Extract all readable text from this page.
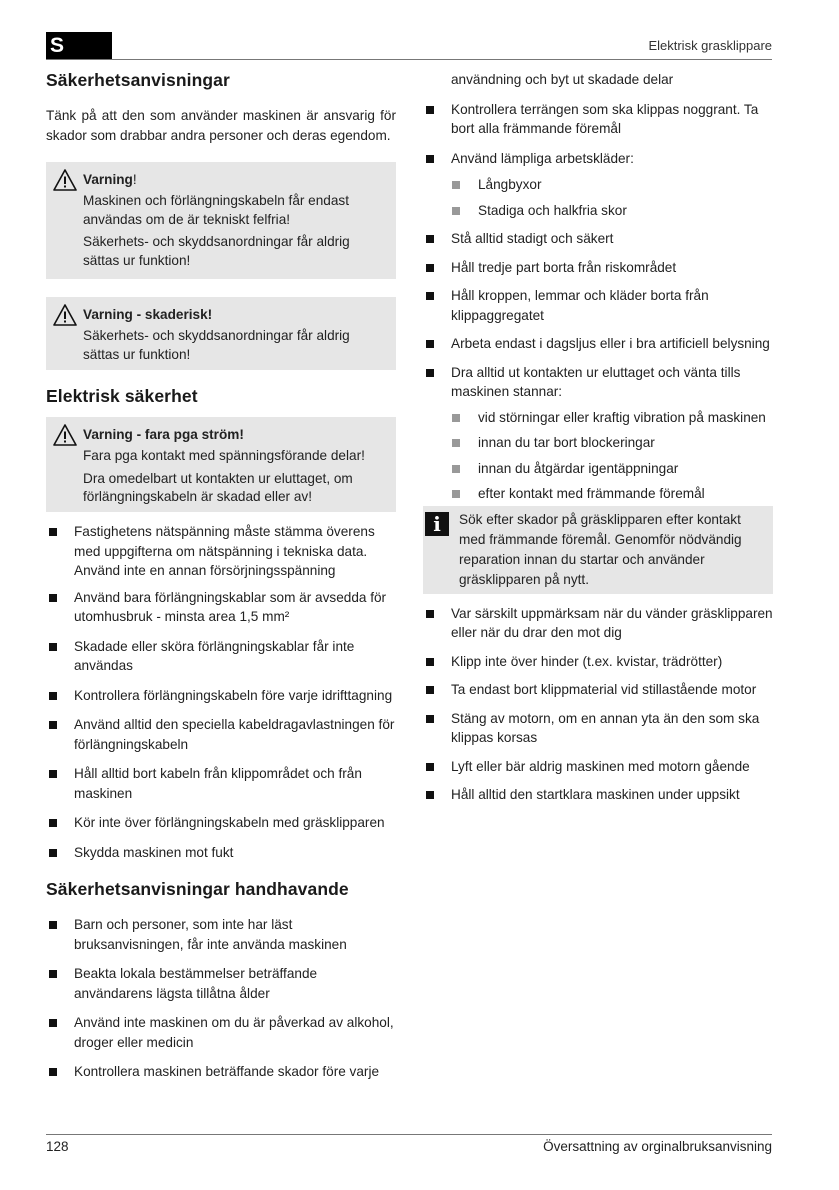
S	Elektrisk grasklippare
Säkerhetsanvisningar

Tänk på att den som använder maskinen är ansvarig för skador som drabbar andra personer och deras egendom.

Varning!

Maskinen och förlängningskabeln får endast användas om de är tekniskt felfria!

Säkerhets- och skyddsanordningar får aldrig sättas ur funktion!

Varning - skaderisk!

Säkerhets- och skyddsanordningar får aldrig sättas ur funktion!

Elektrisk säkerhet
Varning - fara pga ström!

Fara pga kontakt med spänningsförande delar!

Dra omedelbart ut kontakten ur eluttaget, om förlängningskabeln är skadad eller av!

Fastighetens nätspänning måste stämma överens med uppgifterna om nätspänning i tekniska data. Använd inte en annan försörjningsspänning
Använd bara förlängningskablar som är avsedda för utomhusbruk - minsta area 1,5 mm²
Skadade eller sköra förlängningskablar får inte användas
Kontrollera förlängningskabeln före varje idrifttagning
Använd alltid den speciella kabeldragavlastningen för förlängningskabeln
Håll alltid bort kabeln från klippområdet och från maskinen
Kör inte över förlängningskabeln med gräsklipparen
Skydda maskinen mot fukt
Säkerhetsanvisningar handhavande
Barn och personer, som inte har läst bruksanvisningen, får inte använda maskinen
Beakta lokala bestämmelser beträffande användarens lägsta tillåtna ålder
Använd inte maskinen om du är påverkad av alkohol, droger eller medicin
Kontrollera maskinen beträffande skador före varje
användning och byt ut skadade delar
Kontrollera terrängen som ska klippas noggrant. Ta bort alla främmande föremål
Använd lämpliga arbetskläder:
Långbyxor
Stadiga och halkfria skor
Stå alltid stadigt och säkert
Håll tredje part borta från riskområdet
Håll kroppen, lemmar och kläder borta från klippaggregatet
Arbeta endast i dagsljus eller i bra artificiell belysning
Dra alltid ut kontakten ur eluttaget och vänta tills maskinen stannar:
vid störningar eller kraftig vibration på maskinen
innan du tar bort blockeringar
innan du åtgärdar igentäppningar
efter kontakt med främmande föremål
i	Sök efter skador på gräsklipparen efter kontakt med främmande föremål. Genomför nödvändig reparation innan du startar och använder gräsklipparen på nytt.

Var särskilt uppmärksam när du vänder gräsklipparen eller när du drar den mot dig
Klipp inte över hinder (t.ex. kvistar, trädrötter)
Ta endast bort klippmaterial vid stillastående motor
Stäng av motorn, om en annan yta än den som ska klippas korsas
Lyft eller bär aldrig maskinen med motorn gående
Håll alltid den startklara maskinen under uppsikt
128	Översattning av orginalbruksanvisning
